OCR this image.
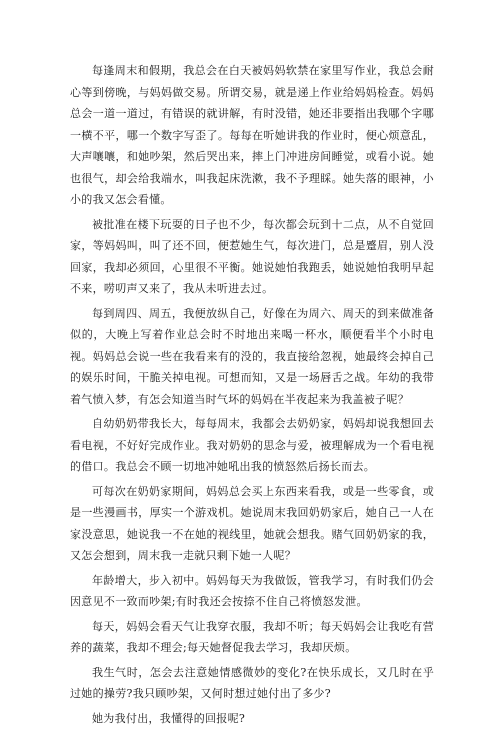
每逢周末和假期，我总会在白天被妈妈软禁在家里写作业，我总会耐心等到傍晚，与妈妈做交易。所谓交易，就是递上作业给妈妈检查。妈妈总会一道一道过，有错误的就讲解，有时没错，她还非要指出我哪个字哪一横不平，哪一个数字写歪了。每每在听她讲我的作业时，便心烦意乱，大声嚷嚷，和她吵架，然后哭出来，摔上门冲进房间睡觉，或看小说。她也很气，却会给我端水，叫我起床洗漱，我不予理睬。她失落的眼神，小小的我又怎会看懂。

被批准在楼下玩耍的日子也不少，每次都会玩到十二点，从不自觉回家，等妈妈叫，叫了还不回，便惹她生气，每次进门，总是蹙眉，别人没回家，我却必须回，心里很不平衡。她说她怕我跑丢，她说她怕我明早起不来，唠叨声又来了，我从未听进去过。

每到周四、周五，我便放纵自己，好像在为周六、周天的到来做准备似的，大晚上写着作业总会时不时地出来喝一杯水，顺便看半个小时电视。妈妈总会说一些在我看来有的没的，我直接给忽视，她最终会掉自己的娱乐时间，干脆关掉电视。可想而知，又是一场唇舌之战。年幼的我带着气愤入梦，有怎会知道当时气坏的妈妈在半夜起来为我盖被子呢？

自幼奶奶带我长大，每每周末，我都会去奶奶家，妈妈却说我想回去看电视，不好好完成作业。我对奶奶的思念与爱，被理解成为一个看电视的借口。我总会不顾一切地冲她吼出我的愤怒然后扬长而去。

可每次在奶奶家期间，妈妈总会买上东西来看我，或是一些零食，或是一些漫画书，厚实一个游戏机。她说周末我回奶奶家后，她自己一人在家没意思，她说我一不在她的视线里，她就会想我。赌气回奶奶家的我，又怎会想到，周末我一走就只剩下她一人呢？

年龄增大，步入初中。妈妈每天为我做饭，管我学习，有时我们仍会因意见不一致而吵架;有时我还会按捺不住自己将愤怒发泄。

每天，妈妈会看天气让我穿衣服，我却不听；每天妈妈会让我吃有营养的蔬菜，我却不理会;每天她督促我去学习，我却厌烦。

我生气时，怎会去注意她情感微妙的变化?在快乐成长，又几时在乎过她的操劳?我只顾吵架，又何时想过她付出了多少?

她为我付出，我懂得的回报呢?
